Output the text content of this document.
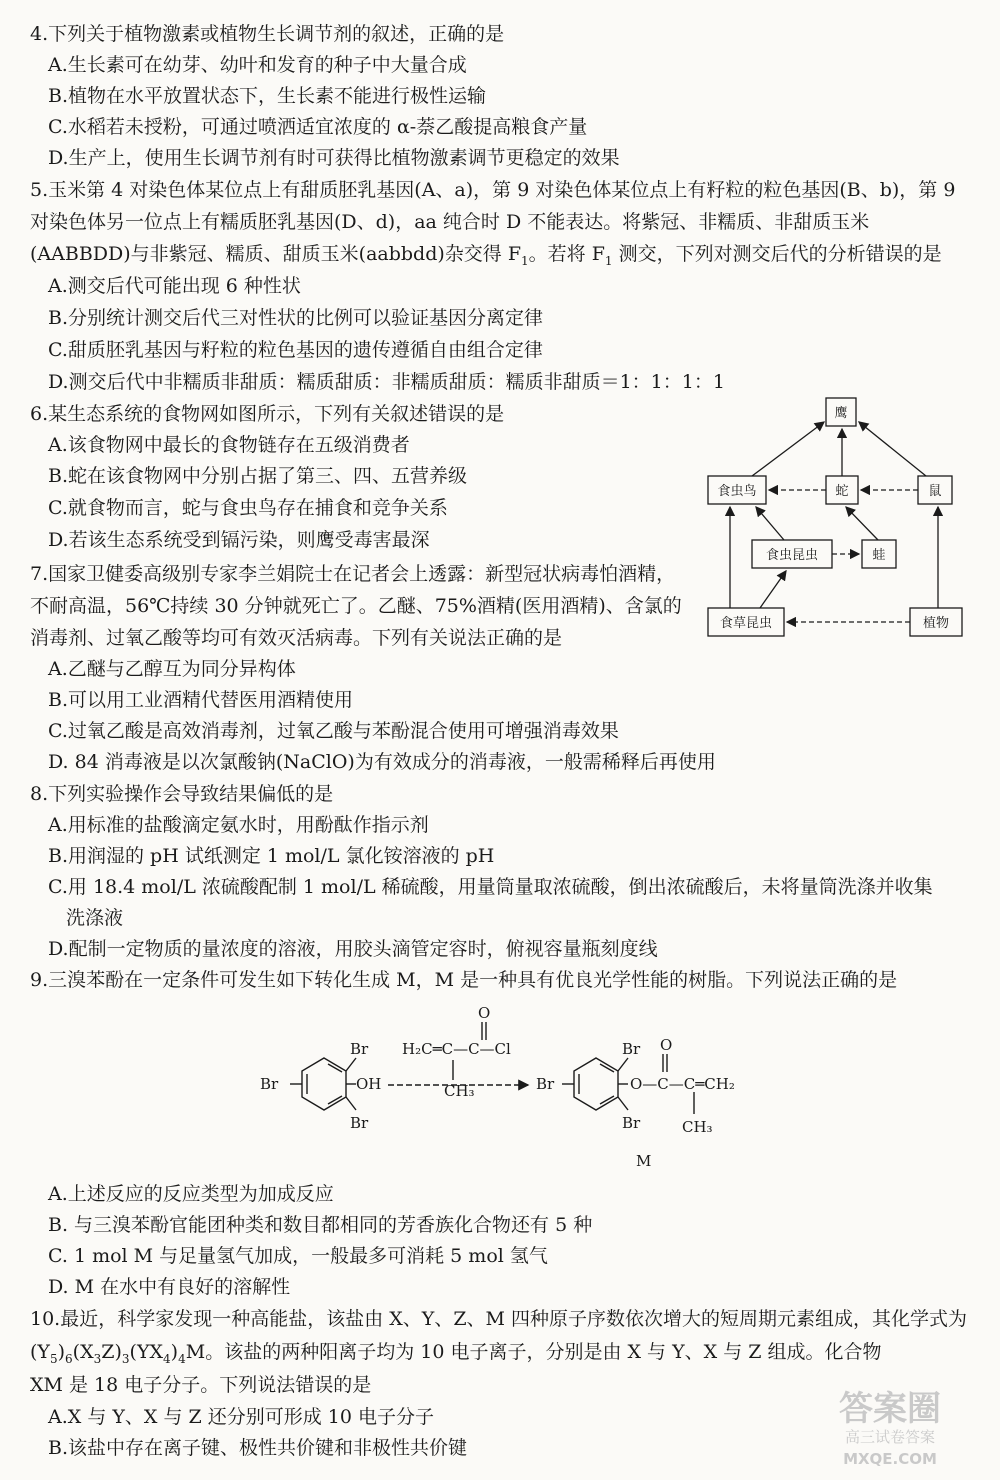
4.下列关于植物激素或植物生长调节剂的叙述，正确的是
A.生长素可在幼芽、幼叶和发育的种子中大量合成
B.植物在水平放置状态下，生长素不能进行极性运输
C.水稻若未授粉，可通过喷洒适宜浓度的 α-萘乙酸提高粮食产量
D.生产上，使用生长调节剂有时可获得比植物激素调节更稳定的效果
5.玉米第 4 对染色体某位点上有甜质胚乳基因(A、a)，第 9 对染色体某位点上有籽粒的粒色基因(B、b)，第 9
对染色体另一位点上有糯质胚乳基因(D、d)，aa 纯合时 D 不能表达。将紫冠、非糯质、非甜质玉米
(AABBDD)与非紫冠、糯质、甜质玉米(aabbdd)杂交得 $F_1$。若将 $F_1$ 测交，下列对测交后代的分析错误的是
A.测交后代可能出现 6 种性状
B.分别统计测交后代三对性状的比例可以验证基因分离定律
C.甜质胚乳基因与籽粒的粒色基因的遗传遵循自由组合定律
D.测交后代中非糯质非甜质：糯质甜质：非糯质甜质：糯质非甜质＝1：1：1：1
6.某生态系统的食物网如图所示，下列有关叙述错误的是
A.该食物网中最长的食物链存在五级消费者
B.蛇在该食物网中分别占据了第三、四、五营养级
C.就食物而言，蛇与食虫鸟存在捕食和竞争关系
D.若该生态系统受到镉污染，则鹰受毒害最深
鹰
食虫鸟	蛇	鼠
食虫昆虫	蛙
食草昆虫	植物
7.国家卫健委高级别专家李兰娟院士在记者会上透露：新型冠状病毒怕酒精，
不耐高温，56℃持续 30 分钟就死亡了。乙醚、75%酒精(医用酒精)、含氯的
消毒剂、过氧乙酸等均可有效灭活病毒。下列有关说法正确的是
A.乙醚与乙醇互为同分异构体
B.可以用工业酒精代替医用酒精使用
C.过氧乙酸是高效消毒剂，过氧乙酸与苯酚混合使用可增强消毒效果
D. 84 消毒液是以次氯酸钠(NaClO)为有效成分的消毒液，一般需稀释后再使用
8.下列实验操作会导致结果偏低的是
A.用标准的盐酸滴定氨水时，用酚酞作指示剂
B.用润湿的 pH 试纸测定 1 mol/L 氯化铵溶液的 pH
C.用 18.4 mol/L 浓硫酸配制 1 mol/L 稀硫酸，用量筒量取浓硫酸，倒出浓硫酸后，未将量筒洗涤并收集
洗涤液
D.配制一定物质的量浓度的溶液，用胶头滴管定容时，俯视容量瓶刻度线
9.三溴苯酚在一定条件可发生如下转化生成 M，M 是一种具有优良光学性能的树脂。下列说法正确的是
Br
Br
Br
OH
O
H₂C═C—C—Cl
CH₃
Br
Br
Br
O
O—C—C═CH₂
CH₃
M
A.上述反应的反应类型为加成反应
B. 与三溴苯酚官能团种类和数目都相同的芳香族化合物还有 5 种
C. 1 mol M 与足量氢气加成，一般最多可消耗 5 mol 氢气
D. M 在水中有良好的溶解性
10.最近，科学家发现一种高能盐，该盐由 X、Y、Z、M 四种原子序数依次增大的短周期元素组成，其化学式为
$(Y_5)_6(X_3Z)_3(YX_4)_4M$。该盐的两种阳离子均为 10 电子离子，分别是由 X 与 Y、X 与 Z 组成。化合物
XM 是 18 电子分子。下列说法错误的是
A.X 与 Y、X 与 Z 还分别可形成 10 电子分子
B.该盐中存在离子键、极性共价键和非极性共价键
答案圈
高三试卷答案
MXQE.COM
